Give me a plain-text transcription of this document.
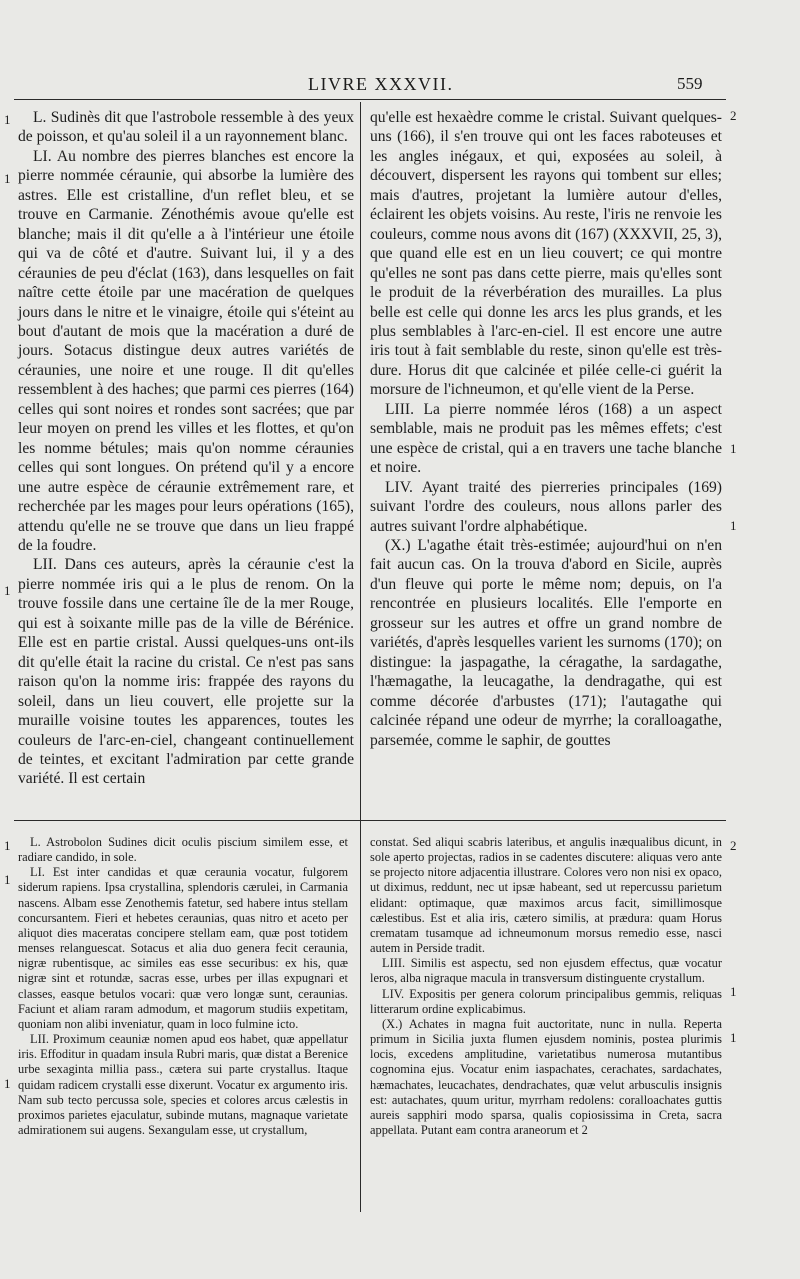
LIVRE XXXVII.	559

L. Sudinès dit que l'astrobole ressemble à des yeux de poisson, et qu'au soleil il a un rayonnement blanc.

LI. Au nombre des pierres blanches est encore la pierre nommée céraunie, qui absorbe la lumière des astres. Elle est cristalline, d'un reflet bleu, et se trouve en Carmanie. Zénothémis avoue qu'elle est blanche; mais il dit qu'elle a à l'intérieur une étoile qui va de côté et d'autre. Suivant lui, il y a des céraunies de peu d'éclat (163), dans lesquelles on fait naître cette étoile par une macération de quelques jours dans le nitre et le vinaigre, étoile qui s'éteint au bout d'autant de mois que la macération a duré de jours. Sotacus distingue deux autres variétés de céraunies, une noire et une rouge. Il dit qu'elles ressemblent à des haches; que parmi ces pierres (164) celles qui sont noires et rondes sont sacrées; que par leur moyen on prend les villes et les flottes, et qu'on les nomme bétules; mais qu'on nomme céraunies celles qui sont longues. On prétend qu'il y a encore une autre espèce de céraunie extrêmement rare, et recherchée par les mages pour leurs opérations (165), attendu qu'elle ne se trouve que dans un lieu frappé de la foudre.

LII. Dans ces auteurs, après la céraunie c'est la pierre nommée iris qui a le plus de renom. On la trouve fossile dans une certaine île de la mer Rouge, qui est à soixante mille pas de la ville de Bérénice. Elle est en partie cristal. Aussi quelques-uns ont-ils dit qu'elle était la racine du cristal. Ce n'est pas sans raison qu'on la nomme iris: frappée des rayons du soleil, dans un lieu couvert, elle projette sur la muraille voisine toutes les apparences, toutes les couleurs de l'arc-en-ciel, changeant continuellement de teintes, et excitant l'admiration par cette grande variété. Il est certain

qu'elle est hexaèdre comme le cristal. Suivant quelques-uns (166), il s'en trouve qui ont les faces raboteuses et les angles inégaux, et qui, exposées au soleil, à découvert, dispersent les rayons qui tombent sur elles; mais d'autres, projetant la lumière autour d'elles, éclairent les objets voisins. Au reste, l'iris ne renvoie les couleurs, comme nous avons dit (167) (XXXVII, 25, 3), que quand elle est en un lieu couvert; ce qui montre qu'elles ne sont pas dans cette pierre, mais qu'elles sont le produit de la réverbération des murailles. La plus belle est celle qui donne les arcs les plus grands, et les plus semblables à l'arc-en-ciel. Il est encore une autre iris tout à fait semblable du reste, sinon qu'elle est très-dure. Horus dit que calcinée et pilée celle-ci guérit la morsure de l'ichneumon, et qu'elle vient de la Perse.

LIII. La pierre nommée léros (168) a un aspect semblable, mais ne produit pas les mêmes effets; c'est une espèce de cristal, qui a en travers une tache blanche et noire.

LIV. Ayant traité des pierreries principales (169) suivant l'ordre des couleurs, nous allons parler des autres suivant l'ordre alphabétique.

(X.) L'agathe était très-estimée; aujourd'hui on n'en fait aucun cas. On la trouva d'abord en Sicile, auprès d'un fleuve qui porte le même nom; depuis, on l'a rencontrée en plusieurs localités. Elle l'emporte en grosseur sur les autres et offre un grand nombre de variétés, d'après lesquelles varient les surnoms (170); on distingue: la jaspagathe, la céragathe, la sardagathe, l'hæmagathe, la leucagathe, la dendragathe, qui est comme décorée d'arbustes (171); l'autagathe qui calcinée répand une odeur de myrrhe; la coralloagathe, parsemée, comme le saphir, de gouttes

L. Astrobolon Sudines dicit oculis piscium similem esse, et radiare candido, in sole.

LI. Est inter candidas et quæ ceraunia vocatur, fulgorem siderum rapiens. Ipsa crystallina, splendoris cærulei, in Carmania nascens. Albam esse Zenothemis fatetur, sed habere intus stellam concursantem. Fieri et hebetes ceraunias, quas nitro et aceto per aliquot dies maceratas concipere stellam eam, quæ post totidem menses relanguescat. Sotacus et alia duo genera fecit ceraunia, nigræ rubentisque, ac similes eas esse securibus: ex his, quæ nigræ sint et rotundæ, sacras esse, urbes per illas expugnari et classes, easque betulos vocari: quæ vero longæ sunt, ceraunias. Faciunt et aliam raram admodum, et magorum studiis expetitam, quoniam non alibi inveniatur, quam in loco fulmine icto.

LII. Proximum ceauniæ nomen apud eos habet, quæ appellatur iris. Effoditur in quadam insula Rubri maris, quæ distat a Berenice urbe sexaginta millia pass., cætera sui parte crystallus. Itaque quidam radicem crystalli esse dixerunt. Vocatur ex argumento iris. Nam sub tecto percussa sole, species et colores arcus cælestis in proximos parietes ejaculatur, subinde mutans, magnaque varietate admirationem sui augens. Sexangulam esse, ut crystallum,

constat. Sed aliqui scabris lateribus, et angulis inæqualibus dicunt, in sole aperto projectas, radios in se cadentes discutere: aliquas vero ante se projecto nitore adjacentia illustrare. Colores vero non nisi ex opaco, ut diximus, reddunt, nec ut ipsæ habeant, sed ut repercussu parietum elidant: optimaque, quæ maximos arcus facit, simillimosque cælestibus. Est et alia iris, cætero similis, at prædura: quam Horus crematam tusamque ad ichneumonum morsus remedio esse, nasci autem in Perside tradit.

LIII. Similis est aspectu, sed non ejusdem effectus, quæ vocatur leros, alba nigraque macula in transversum distinguente crystallum.

LIV. Expositis per genera colorum principalibus gemmis, reliquas litterarum ordine explicabimus.

(X.) Achates in magna fuit auctoritate, nunc in nulla. Reperta primum in Sicilia juxta flumen ejusdem nominis, postea plurimis locis, excedens amplitudine, varietatibus numerosa mutantibus cognomina ejus. Vocatur enim iaspachates, cerachates, sardachates, hæmachates, leucachates, dendrachates, quæ velut arbusculis insignis est: autachates, quum uritur, myrrham redolens: coralloachates guttis aureis sapphiri modo sparsa, qualis copiosissima in Creta, sacra appellata. Putant eam contra araneorum et 2

1
1
1
2
1
1
1
1
1
2
1
1
